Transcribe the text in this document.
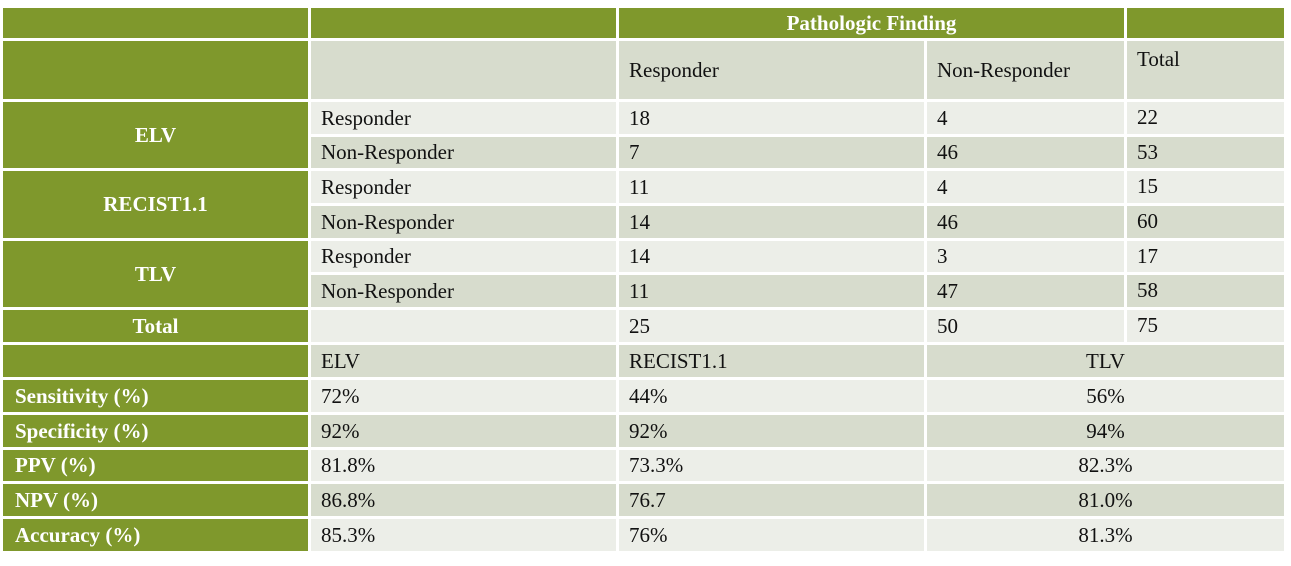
Pathologic Finding
Responder	Non-Responder	Total
ELV
Responder	18	4	22
Non-Responder	7	46	53
RECIST1.1
Responder	11	4	15
Non-Responder	14	46	60
TLV
Responder	14	3	17
Non-Responder	11	47	58
Total	25	50	75
ELV	RECIST1.1	TLV
Sensitivity (%)	72%	44%	56%
Specificity (%)	92%	92%	94%
PPV (%)	81.8%	73.3%	82.3%
NPV (%)	86.8%	76.7	81.0%
Accuracy (%)	85.3%	76%	81.3%
